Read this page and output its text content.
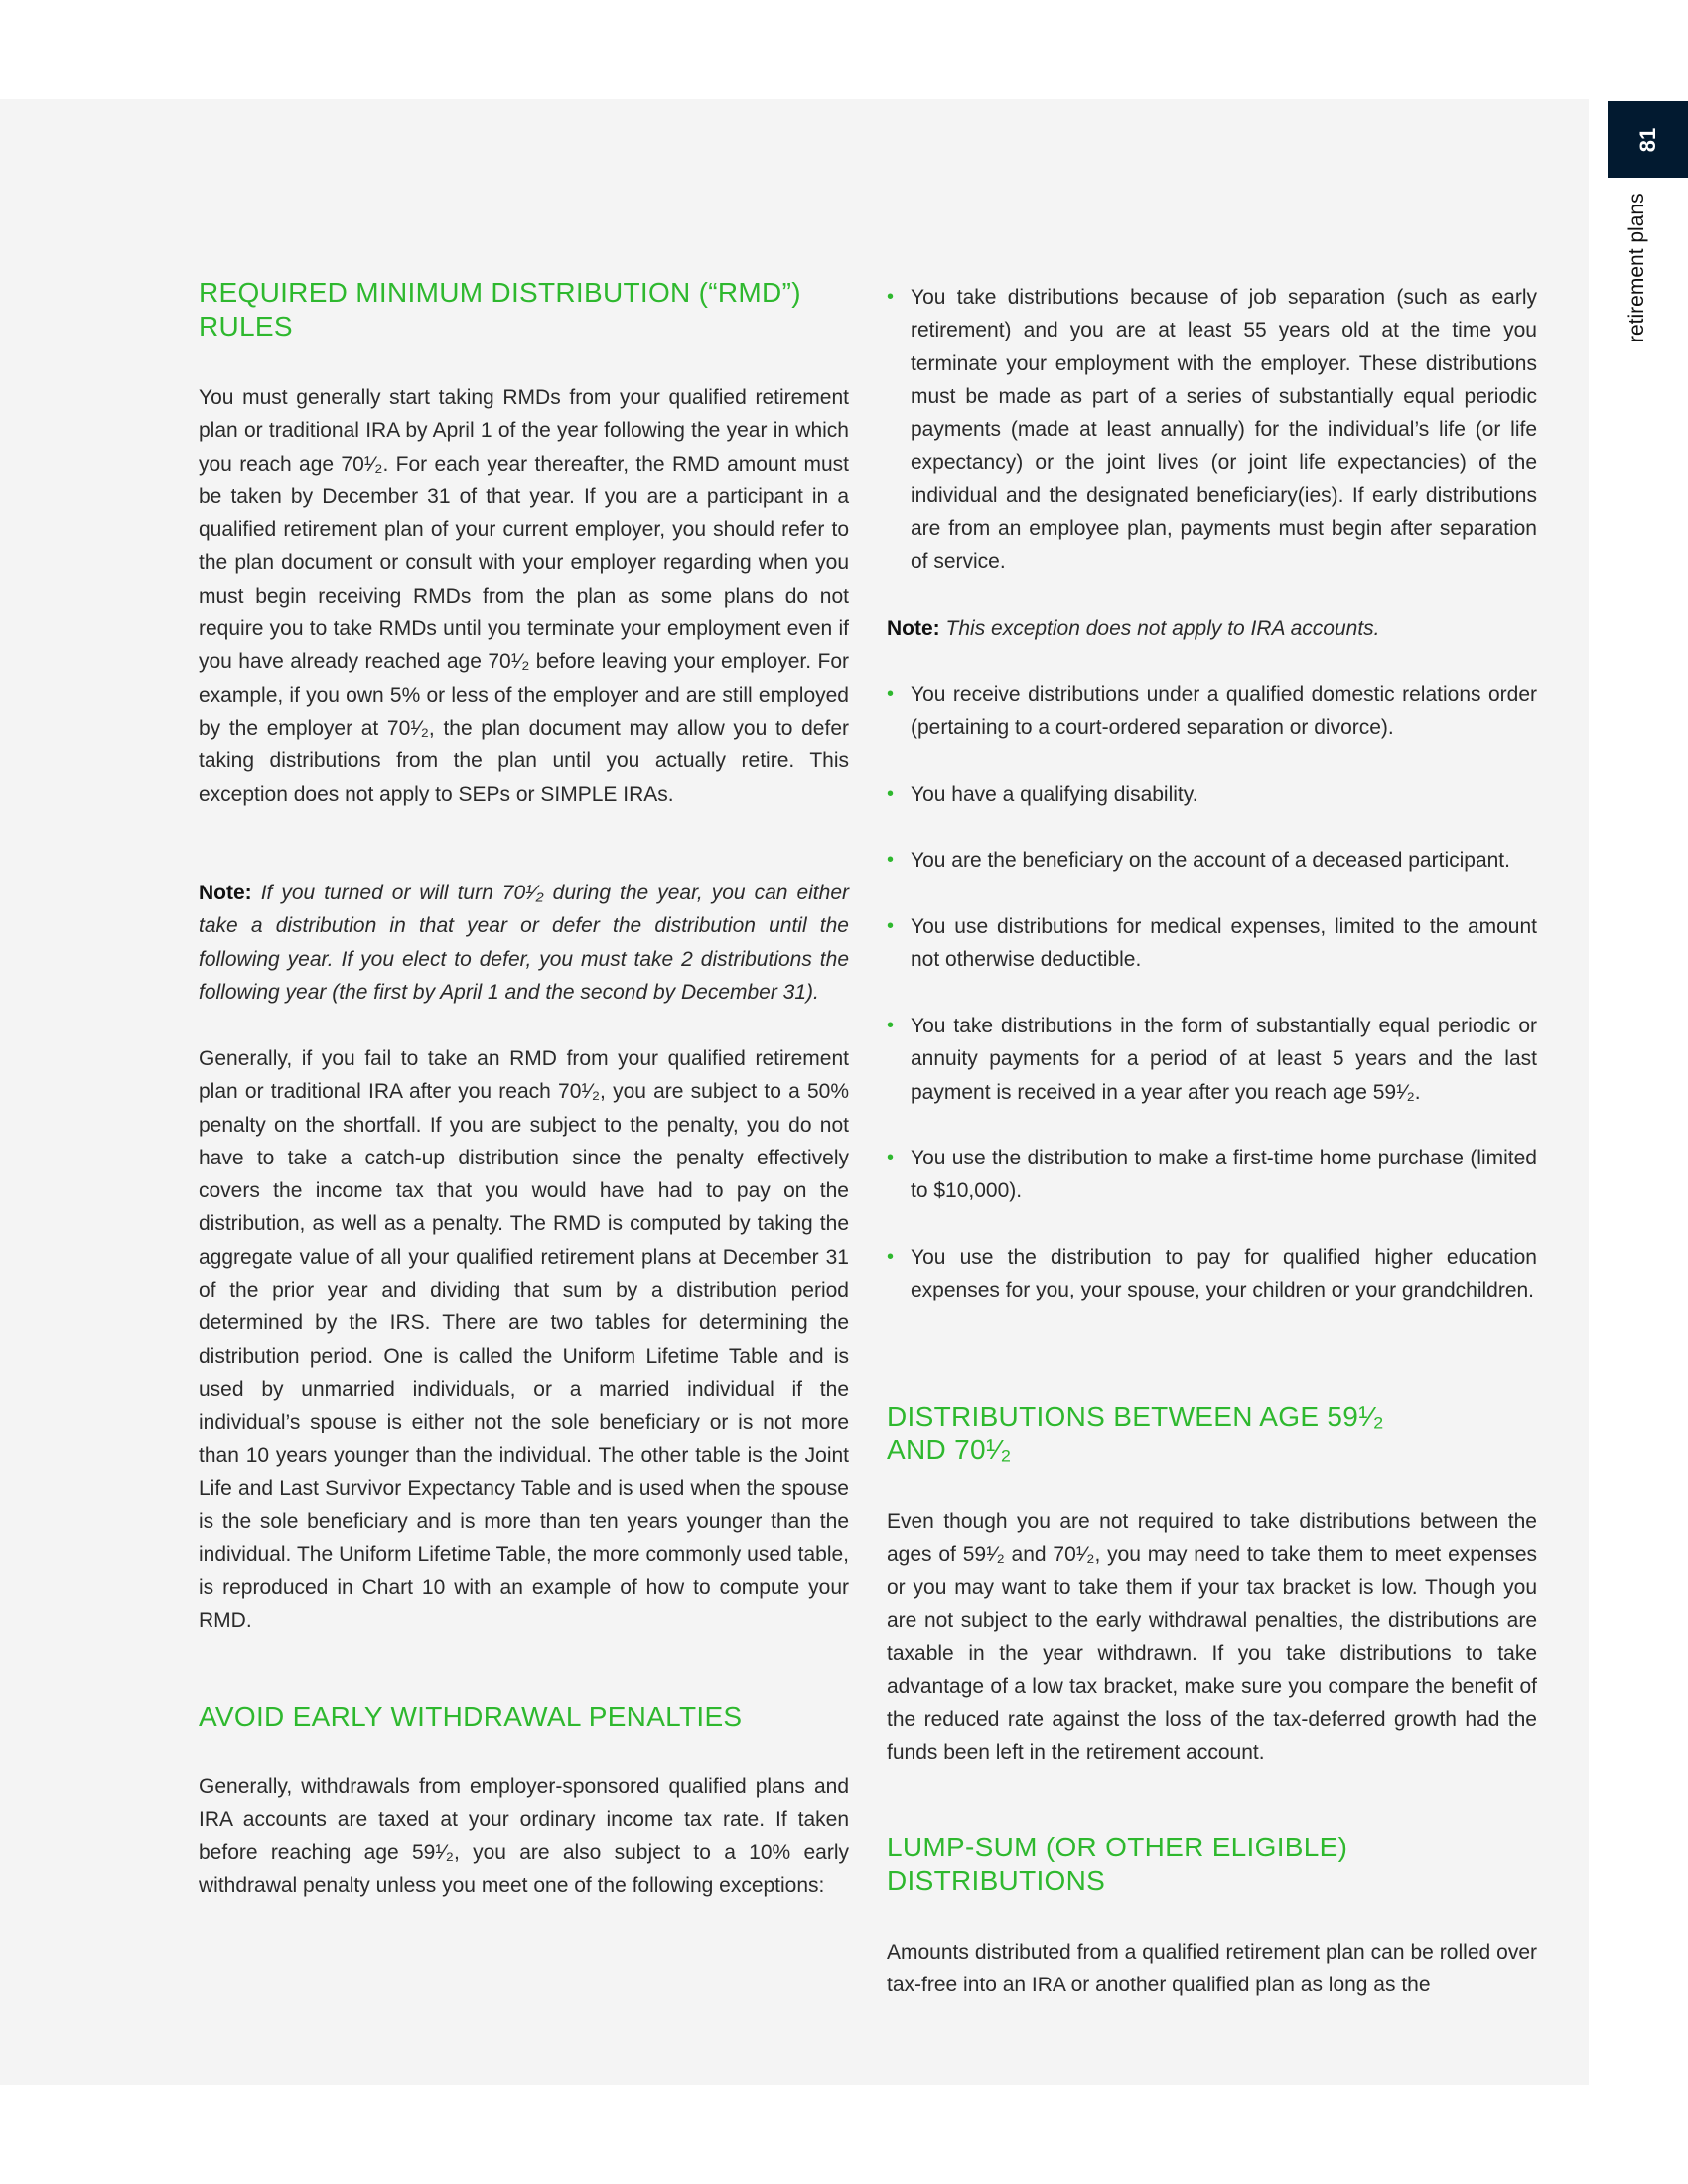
81
retirement plans
REQUIRED MINIMUM DISTRIBUTION (“RMD”) RULES

You must generally start taking RMDs from your qualified retirement plan or traditional IRA by April 1 of the year following the year in which you reach age 70¹⁄₂. For each year thereafter, the RMD amount must be taken by December 31 of that year. If you are a participant in a qualified retirement plan of your current employer, you should refer to the plan document or consult with your employer regarding when you must begin receiving RMDs from the plan as some plans do not require you to take RMDs until you terminate your employment even if you have already reached age 70¹⁄₂ before leaving your employer. For example, if you own 5% or less of the employer and are still employed by the employer at 70¹⁄₂, the plan document may allow you to defer taking distributions from the plan until you actually retire. This exception does not apply to SEPs or SIMPLE IRAs.

Note: If you turned or will turn 70¹⁄₂ during the year, you can either take a distribution in that year or defer the distribution until the following year. If you elect to defer, you must take 2 distributions the following year (the first by April 1 and the second by December 31).

Generally, if you fail to take an RMD from your qualified retirement plan or traditional IRA after you reach 70¹⁄₂, you are subject to a 50% penalty on the shortfall. If you are subject to the penalty, you do not have to take a catch-up distribution since the penalty effectively covers the income tax that you would have had to pay on the distribution, as well as a penalty. The RMD is computed by taking the aggregate value of all your qualified retirement plans at December 31 of the prior year and dividing that sum by a distribution period determined by the IRS. There are two tables for determining the distribution period. One is called the Uniform Lifetime Table and is used by unmarried individuals, or a married individual if the individual’s spouse is either not the sole beneficiary or is not more than 10 years younger than the individual. The other table is the Joint Life and Last Survivor Expectancy Table and is used when the spouse is the sole beneficiary and is more than ten years younger than the individual. The Uniform Lifetime Table, the more commonly used table, is reproduced in Chart 10 with an example of how to compute your RMD.

AVOID EARLY WITHDRAWAL PENALTIES

Generally, withdrawals from employer-sponsored qualified plans and IRA accounts are taxed at your ordinary income tax rate. If taken before reaching age 59¹⁄₂, you are also subject to a 10% early withdrawal penalty unless you meet one of the following exceptions:

• You take distributions because of job separation (such as early retirement) and you are at least 55 years old at the time you terminate your employment with the employer. These distributions must be made as part of a series of substantially equal periodic payments (made at least annually) for the individual’s life (or life expectancy) or the joint lives (or joint life expectancies) of the individual and the designated beneficiary(ies). If early distributions are from an employee plan, payments must begin after separation of service.

Note: This exception does not apply to IRA accounts.

• You receive distributions under a qualified domestic relations order (pertaining to a court-ordered separation or divorce).
• You have a qualifying disability.
• You are the beneficiary on the account of a deceased participant.
• You use distributions for medical expenses, limited to the amount not otherwise deductible.
• You take distributions in the form of substantially equal periodic or annuity payments for a period of at least 5 years and the last payment is received in a year after you reach age 59¹⁄₂.
• You use the distribution to make a first-time home purchase (limited to $10,000).
• You use the distribution to pay for qualified higher education expenses for you, your spouse, your children or your grandchildren.
DISTRIBUTIONS BETWEEN AGE 59¹⁄₂ AND 70¹⁄₂

Even though you are not required to take distributions between the ages of 59¹⁄₂ and 70¹⁄₂, you may need to take them to meet expenses or you may want to take them if your tax bracket is low. Though you are not subject to the early withdrawal penalties, the distributions are taxable in the year withdrawn. If you take distributions to take advantage of a low tax bracket, make sure you compare the benefit of the reduced rate against the loss of the tax-deferred growth had the funds been left in the retirement account.

LUMP-SUM (OR OTHER ELIGIBLE) DISTRIBUTIONS

Amounts distributed from a qualified retirement plan can be rolled over tax-free into an IRA or another qualified plan as long as the
